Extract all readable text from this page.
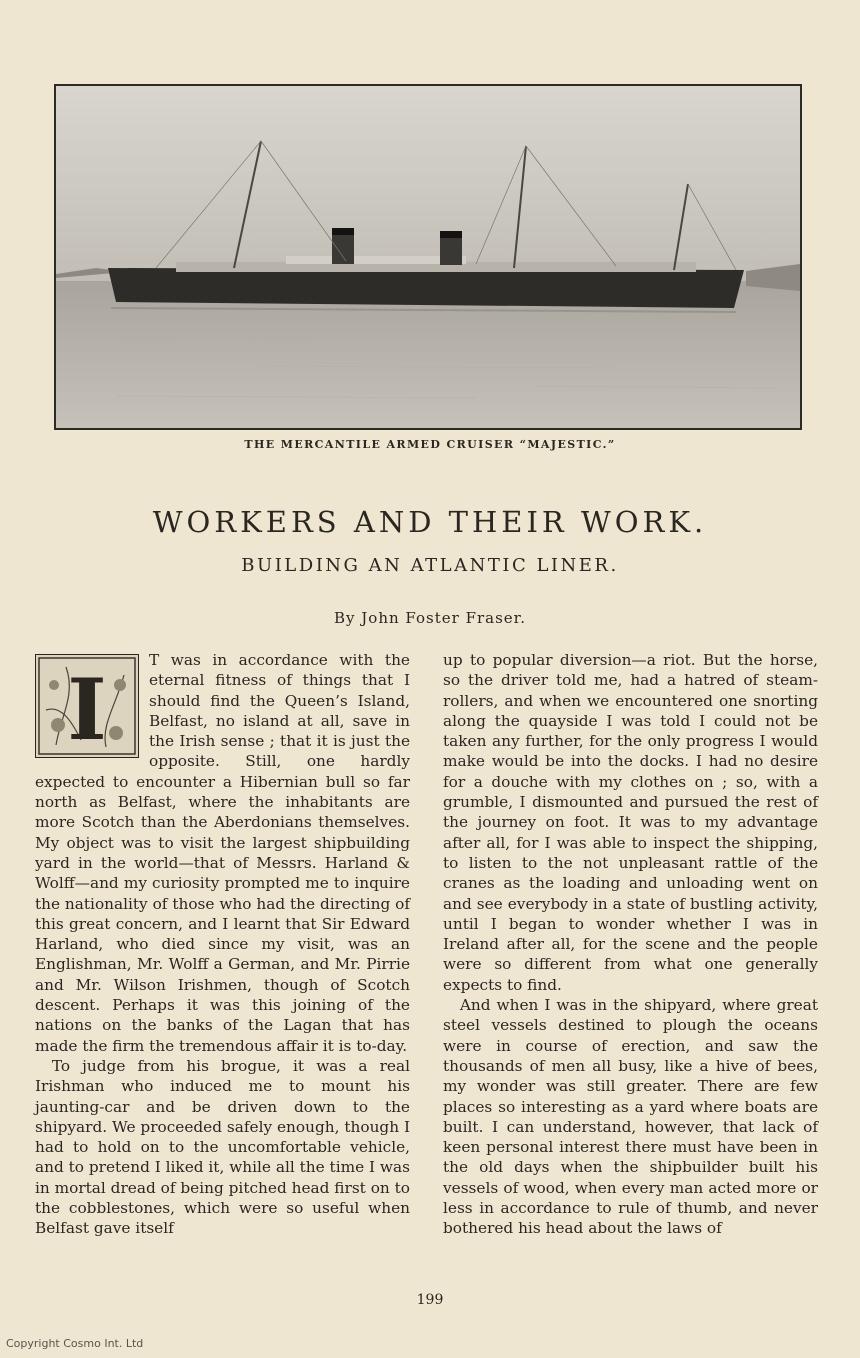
THE MERCANTILE ARMED CRUISER “MAJESTIC.”
WORKERS AND THEIR WORK.
BUILDING AN ATLANTIC LINER.
By John Foster Fraser.
I	T was in accordance with the eternal fitness of things that I should find the Queen’s Island, Belfast, no island at all, save in the Irish sense ; that it is just the opposite. Still, one hardly expected to encounter a Hibernian bull so far north as Belfast, where the inhabitants are more Scotch than the Aberdonians themselves. My object was to visit the largest shipbuilding yard in the world—that of Messrs. Harland & Wolff—and my curiosity prompted me to inquire the nationality of those who had the directing of this great concern, and I learnt that Sir Edward Harland, who died since my visit, was an Englishman, Mr. Wolff a German, and Mr. Pirrie and Mr. Wilson Irishmen, though of Scotch descent. Perhaps it was this joining of the nations on the banks of the Lagan that has made the firm the tremendous affair it is to-day.

To judge from his brogue, it was a real Irishman who induced me to mount his jaunting-car and be driven down to the shipyard. We proceeded safely enough, though I had to hold on to the uncomfortable vehicle, and to pretend I liked it, while all the time I was in mortal dread of being pitched head first on to the cobblestones, which were so useful when Belfast gave itself

up to popular diversion—a riot. But the horse, so the driver told me, had a hatred of steam-rollers, and when we encountered one snorting along the quayside I was told I could not be taken any further, for the only progress I would make would be into the docks. I had no desire for a douche with my clothes on ; so, with a grumble, I dismounted and pursued the rest of the journey on foot. It was to my advantage after all, for I was able to inspect the shipping, to listen to the not unpleasant rattle of the cranes as the loading and unloading went on and see everybody in a state of bustling activity, until I began to wonder whether I was in Ireland after all, for the scene and the people were so different from what one generally expects to find.

And when I was in the shipyard, where great steel vessels destined to plough the oceans were in course of erection, and saw the thousands of men all busy, like a hive of bees, my wonder was still greater. There are few places so interesting as a yard where boats are built. I can understand, however, that lack of keen personal interest there must have been in the old days when the shipbuilder built his vessels of wood, when every man acted more or less in accordance to rule of thumb, and never bothered his head about the laws of

199
Copyright Cosmo Int. Ltd
